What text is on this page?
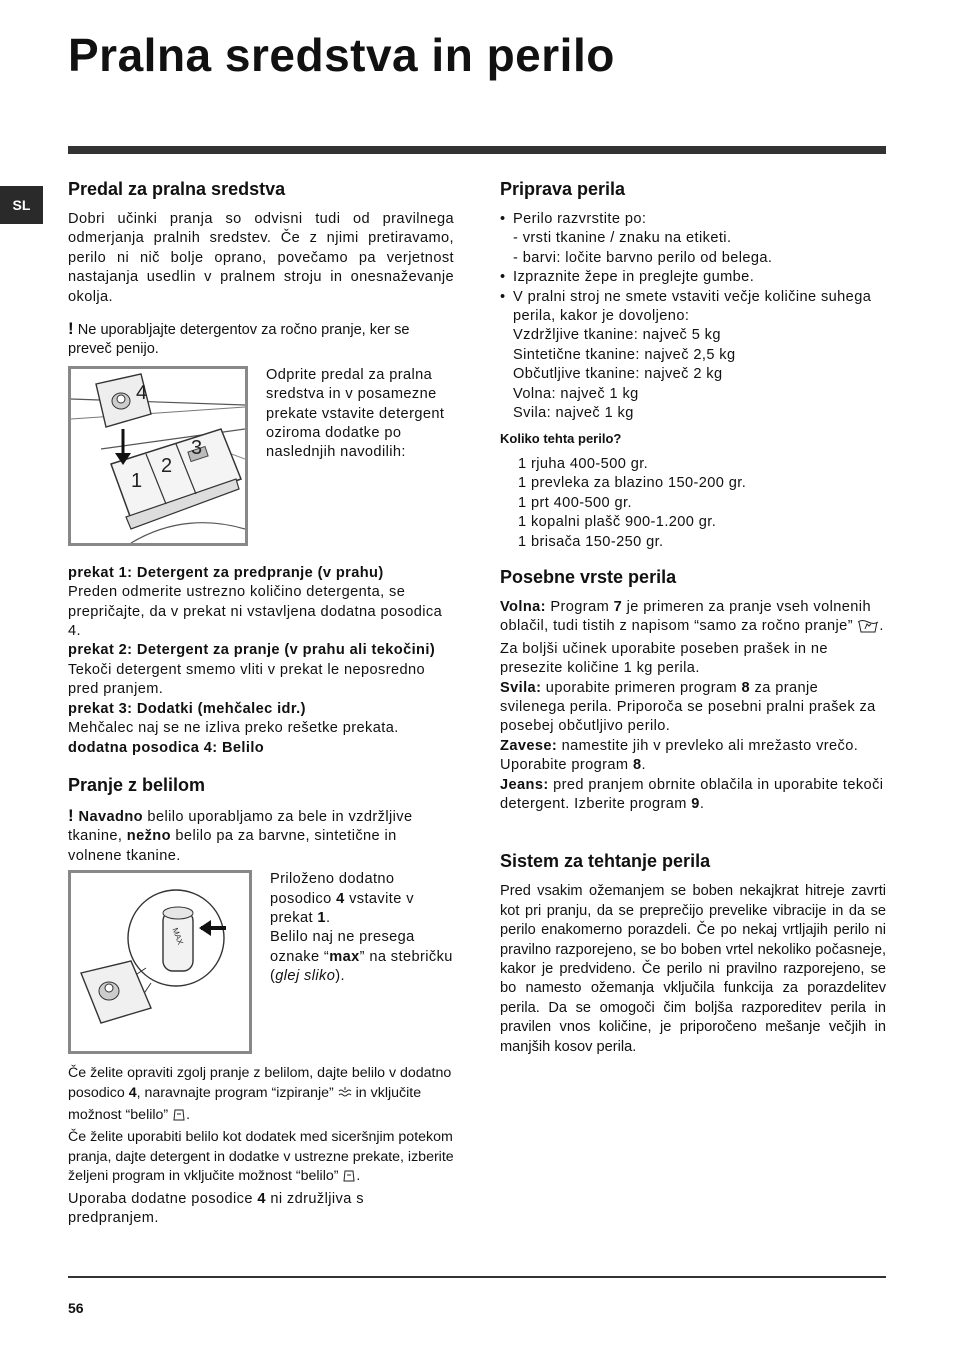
Pralna sredstva in perilo
SL
Predal za pralna sredstva

Dobri učinki pranja so odvisni tudi od pravilnega odmerjanja pralnih sredstev. Če z njimi pretiravamo, perilo ni nič bolje oprano, povečamo pa verjetnost nastajanja usedlin v pralnem stroju in onesnaževanje okolja.

! Ne uporabljajte detergentov za ročno pranje, ker se preveč penijo.

4
3
2
1

Odprite predal za pralna sredstva in v posamezne prekate vstavite detergent oziroma dodatke po naslednjih navodilih:

prekat 1: Detergent za predpranje (v prahu)
Preden odmerite ustrezno količino detergenta, se prepričajte, da v prekat ni vstavljena dodatna posodica 4.

prekat 2: Detergent za pranje (v prahu ali tekočini)
Tekoči detergent smemo vliti v prekat le neposredno pred pranjem.

prekat 3: Dodatki (mehčalec idr.)
Mehčalec naj se ne izliva preko rešetke prekata.

dodatna posodica 4: Belilo

Pranje z belilom

! Navadno belilo uporabljamo za bele in vzdržljive tkanine, nežno belilo pa za barvne, sintetične in volnene tkanine.

MAX

Priloženo dodatno posodico 4 vstavite v prekat 1.
Belilo naj ne presega oznake “max” na stebričku (glej sliko).

Če želite opraviti zgolj pranje z belilom, dajte belilo v dodatno posodico 4, naravnajte program “izpiranje”  in vključite možnost “belilo” .

Če želite uporabiti belilo kot dodatek med siceršnjim potekom pranja, dajte detergent in dodatke v ustrezne prekate, izberite željeni program in vključite možnost “belilo” .

Uporaba dodatne posodice 4 ni združljiva s predpranjem.

Priprava perila
• Perilo razvrstite po:
- vrsti tkanine / znaku na etiketi.
- barvi: ločite barvno perilo od belega.
• Izpraznite žepe in preglejte gumbe.
• V pralni stroj ne smete vstaviti večje količine suhega perila, kakor je dovoljeno:
Vzdržljive tkanine: največ 5 kg
Sintetične tkanine: največ 2,5 kg
Občutljive tkanine: največ 2 kg
Volna: največ 1 kg
Svila: največ 1 kg
Koliko tehta perilo?
1 rjuha 400-500 gr.
1 prevleka za blazino 150-200 gr.
1 prt 400-500 gr.
1 kopalni plašč 900-1.200 gr.
1 brisača 150-250 gr.
Posebne vrste perila

Volna: Program 7 je primeren za pranje vseh volnenih oblačil, tudi tistih z napisom “samo za ročno pranje” . Za boljši učinek uporabite poseben prašek in ne presezite količine 1 kg perila.

Svila: uporabite primeren program 8 za pranje svilenega perila. Priporoča se posebni pralni prašek za posebej občutljivo perilo.

Zavese: namestite jih v prevleko ali mrežasto vrečo. Uporabite program 8.

Jeans: pred pranjem obrnite oblačila in uporabite tekoči detergent. Izberite program 9.

Sistem za tehtanje perila

Pred vsakim ožemanjem se boben nekajkrat hitreje zavrti kot pri pranju, da se preprečijo prevelike vibracije in da se perilo enakomerno porazdeli. Če po nekaj vrtljajih perilo ni pravilno razporejeno, se bo boben vrtel nekoliko počasneje, kakor je predvideno. Če perilo ni pravilno razporejeno, se bo namesto ožemanja vključila funkcija za porazdelitev perila. Da se omogoči čim boljša razporeditev perila in pravilen vnos količine, je priporočeno mešanje večjih in manjših kosov perila.

56
